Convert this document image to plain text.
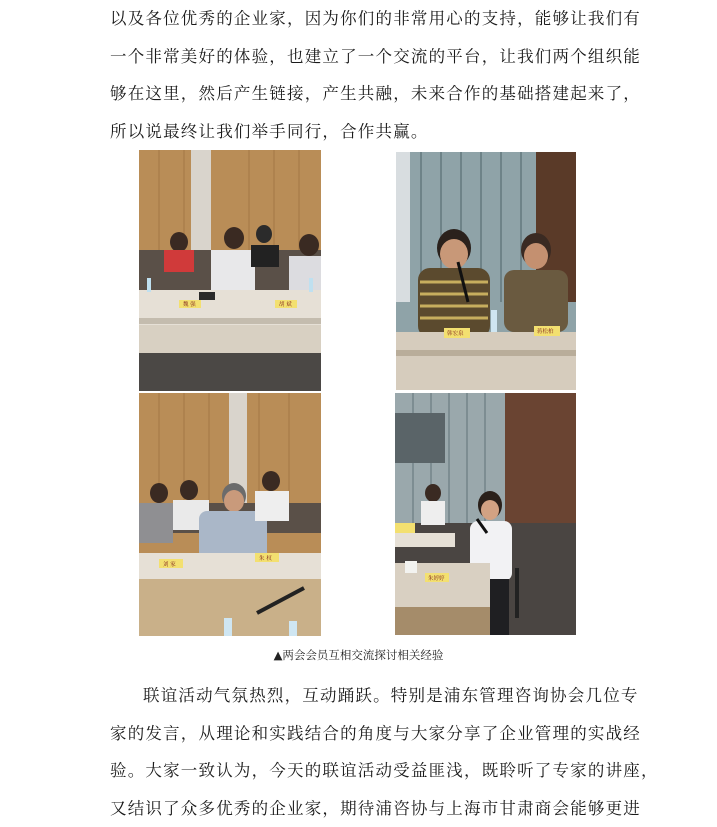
以及各位优秀的企业家，因为你们的非常用心的支持，能够让我们有
一个非常美好的体验，也建立了一个交流的平台，让我们两个组织能
够在这里，然后产生链接，产生共融，未来合作的基础搭建起来了，
所以说最终让我们举手同行，合作共赢。
魏 强	胡 斌
韩宏泉	蒋松柏
刘 家
朱 权
朱婷婷
▲两会会员互相交流探讨相关经验
联谊活动气氛热烈，互动踊跃。特别是浦东管理咨询协会几位专
家的发言，从理论和实践结合的角度与大家分享了企业管理的实战经
验。大家一致认为，今天的联谊活动受益匪浅，既聆听了专家的讲座，
又结识了众多优秀的企业家，期待浦咨协与上海市甘肃商会能够更进
